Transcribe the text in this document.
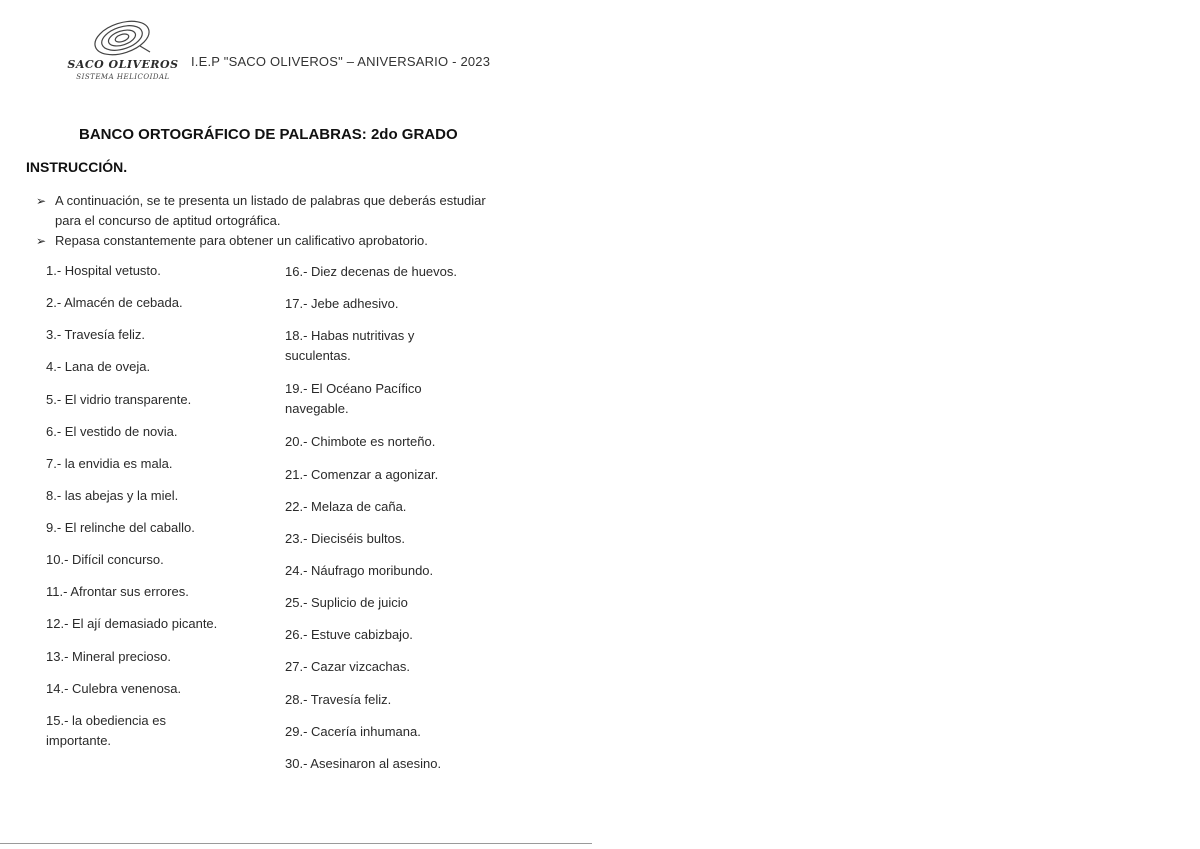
SACO OLIVEROS
SISTEMA HELICOIDAL
I.E.P "SACO OLIVEROS" – ANIVERSARIO - 2023
BANCO ORTOGRÁFICO DE PALABRAS: 2do GRADO
INSTRUCCIÓN.
➢ A continuación, se te presenta un listado de palabras que deberás estudiar para el concurso de aptitud ortográfica.
➢ Repasa constantemente para obtener un calificativo aprobatorio.
1.- Hospital vetusto.
2.- Almacén de cebada.
3.- Travesía feliz.
4.- Lana de oveja.
5.- El vidrio transparente.
6.- El vestido de novia.
7.- la envidia es mala.
8.- las abejas y la miel.
9.- El relinche del caballo.
10.- Difícil concurso.
11.- Afrontar sus errores.
12.- El ají demasiado picante.
13.- Mineral precioso.
14.- Culebra venenosa.
15.- la obediencia es importante.
16.- Diez decenas de huevos.
17.- Jebe adhesivo.
18.- Habas nutritivas y suculentas.
19.- El Océano Pacífico navegable.
20.- Chimbote es norteño.
21.- Comenzar a agonizar.
22.- Melaza de caña.
23.- Dieciséis bultos.
24.- Náufrago moribundo.
25.- Suplicio de juicio
26.- Estuve cabizbajo.
27.- Cazar vizcachas.
28.- Travesía feliz.
29.- Cacería inhumana.
30.- Asesinaron al asesino.
